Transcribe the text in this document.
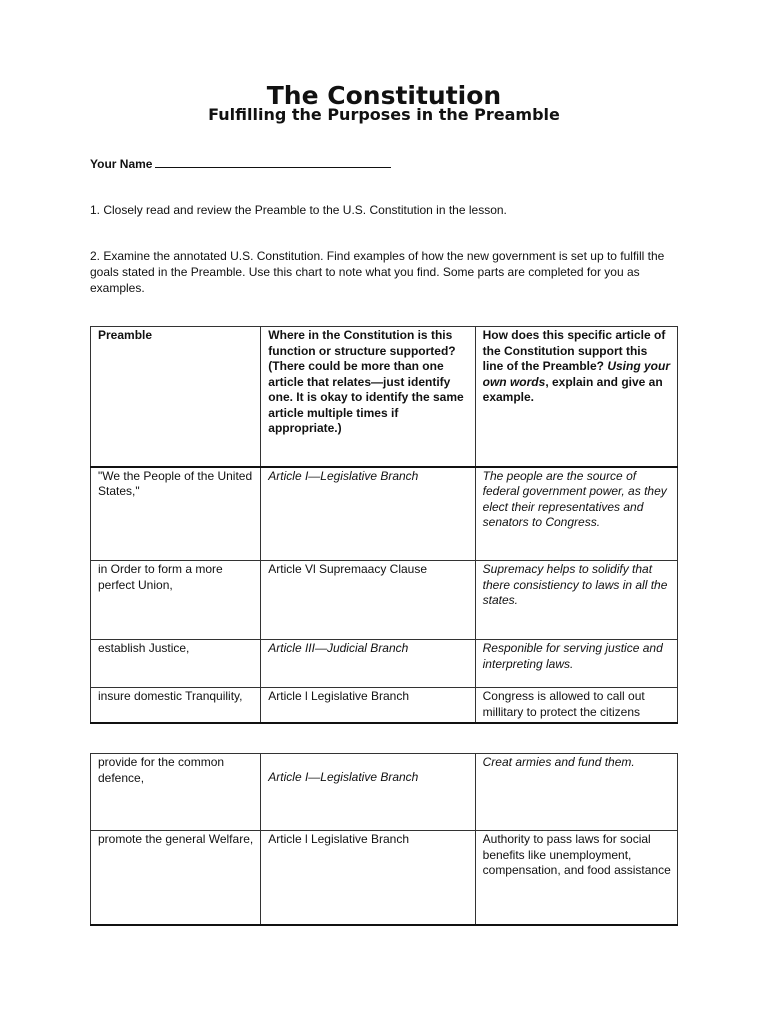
The Constitution
Fulfilling the Purposes in the Preamble
Your Name

1. Closely read and review the Preamble to the U.S. Constitution in the lesson.

2. Examine the annotated U.S. Constitution. Find examples of how the new government is set up to fulfill the goals stated in the Preamble. Use this chart to note what you find. Some parts are completed for you as examples.

Preamble	Where in the Constitution is this function or structure supported? (There could be more than one article that relates—just identify one. It is okay to identify the same article multiple times if appropriate.)	How does this specific article of the Constitution support this line of the Preamble? Using your own words, explain and give an example.
"We the People of the United States,"	Article I—Legislative Branch	The people are the source of federal government power, as they elect their representatives and senators to Congress.
in Order to form a more perfect Union,	Article Vl Supremaacy Clause	Supremacy helps to solidify that there consistiency to laws in all the states.
establish Justice,	Article III—Judicial Branch	Responible for serving justice and interpreting laws.
insure domestic Tranquility,	Article l Legislative Branch	Congress is allowed to call out millitary to protect the citizens
provide for the common defence,	Article I—Legislative Branch	Creat armies and fund them.
promote the general Welfare,	Article l Legislative Branch	Authority to pass laws for social benefits like unemployment, compensation, and food assistance
